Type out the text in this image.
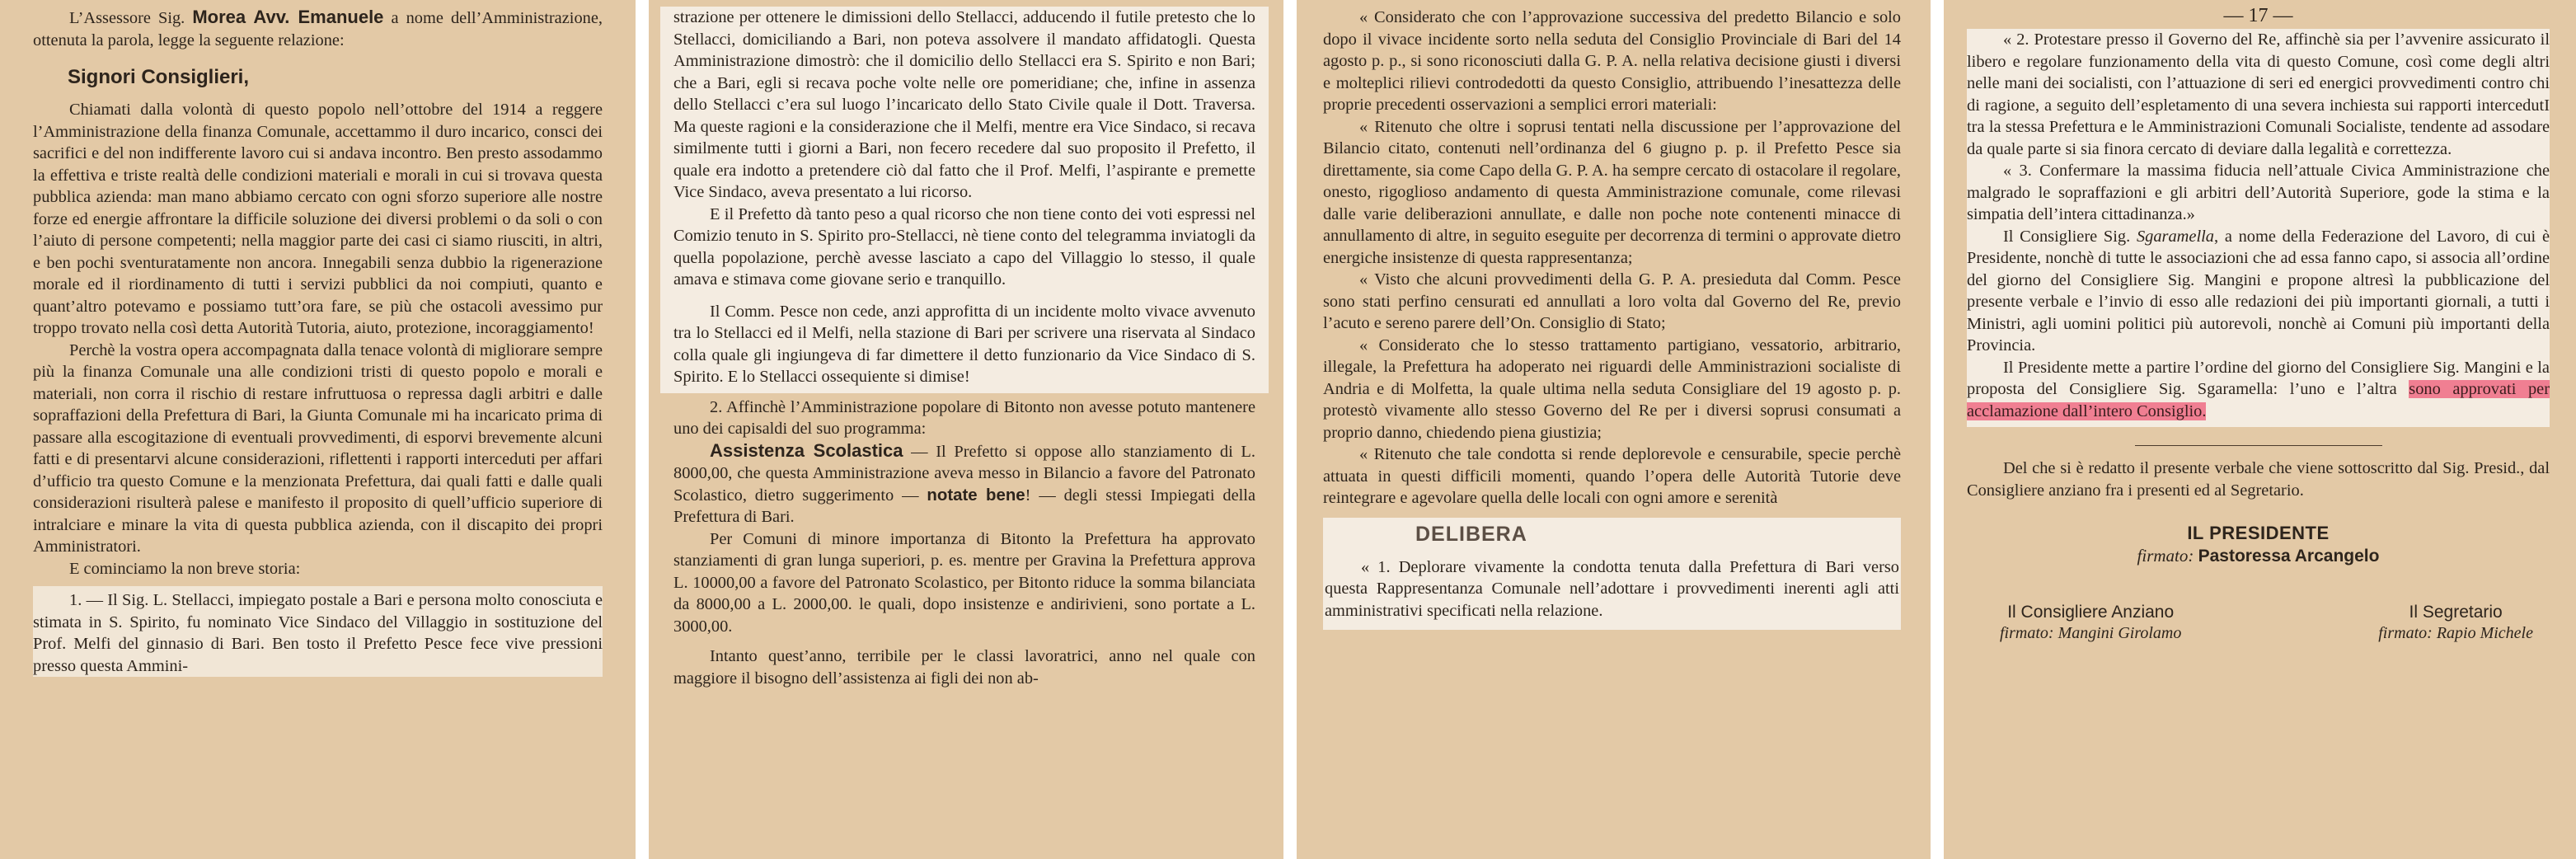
L’Assessore Sig. Morea Avv. Emanuele a nome dell’Amministrazione, ottenuta la parola, legge la seguente relazione:

Signori Consiglieri,

Chiamati dalla volontà di questo popolo nell’ottobre del 1914 a reggere l’Amministrazione della finanza Comunale, accettammo il duro incarico, consci dei sacrifici e del non indifferente lavoro cui si andava incontro. Ben presto assodammo la effettiva e triste realtà delle condizioni materiali e morali in cui si trovava questa pubblica azienda: man mano abbiamo cercato con ogni sforzo superiore alle nostre forze ed energie affrontare la difficile soluzione dei diversi problemi o da soli o con l’aiuto di persone competenti; nella maggior parte dei casi ci siamo riusciti, in altri, e ben pochi sventuratamente non ancora. Innegabili senza dubbio la rigenerazione morale ed il riordinamento di tutti i servizi pubblici da noi compiuti, quanto e quant’altro potevamo e possiamo tutt’ora fare, se più che ostacoli avessimo pur troppo trovato nella così detta Autorità Tutoria, aiuto, protezione, incoraggiamento!

Perchè la vostra opera accompagnata dalla tenace volontà di migliorare sempre più la finanza Comunale una alle condizioni tristi di questo popolo e morali e materiali, non corra il rischio di restare infruttuosa o repressa dagli arbitri e dalle sopraffazioni della Prefettura di Bari, la Giunta Comunale mi ha incaricato prima di passare alla escogitazione di eventuali provvedimenti, di esporvi brevemente alcuni fatti e di presentarvi alcune considerazioni, riflettenti i rapporti interceduti per affari d’ufficio tra questo Comune e la menzionata Prefettura, dai quali fatti e dalle quali considerazioni risulterà palese e manifesto il proposito di quell’ufficio superiore di intralciare e minare la vita di questa pubblica azienda, con il discapito dei propri Amministratori.

E cominciamo la non breve storia:

1. — Il Sig. L. Stellacci, impiegato postale a Bari e persona molto conosciuta e stimata in S. Spirito, fu nominato Vice Sindaco del Villaggio in sostituzione del Prof. Melfi del ginnasio di Bari. Ben tosto il Prefetto Pesce fece vive pressioni presso questa Ammini-

strazione per ottenere le dimissioni dello Stellacci, adducendo il futile pretesto che lo Stellacci, domiciliando a Bari, non poteva assolvere il mandato affidatogli. Questa Amministrazione dimostrò: che il domicilio dello Stellacci era S. Spirito e non Bari; che a Bari, egli si recava poche volte nelle ore pomeridiane; che, infine in assenza dello Stellacci c’era sul luogo l’incaricato dello Stato Civile quale il Dott. Traversa. Ma queste ragioni e la considerazione che il Melfi, mentre era Vice Sindaco, si recava similmente tutti i giorni a Bari, non fecero recedere dal suo proposito il Prefetto, il quale era indotto a pretendere ciò dal fatto che il Prof. Melfi, l’aspirante e premette Vice Sindaco, aveva presentato a lui ricorso.

E il Prefetto dà tanto peso a qual ricorso che non tiene conto dei voti espressi nel Comizio tenuto in S. Spirito pro-Stellacci, nè tiene conto del telegramma inviatogli da quella popolazione, perchè avesse lasciato a capo del Villaggio lo stesso, il quale amava e stimava come giovane serio e tranquillo.

Il Comm. Pesce non cede, anzi approfitta di un incidente molto vivace avvenuto tra lo Stellacci ed il Melfi, nella stazione di Bari per scrivere una riservata al Sindaco colla quale gli ingiungeva di far dimettere il detto funzionario da Vice Sindaco di S. Spirito. E lo Stellacci ossequiente si dimise!

2. Affinchè l’Amministrazione popolare di Bitonto non avesse potuto mantenere uno dei capisaldi del suo programma:

Assistenza Scolastica — Il Prefetto si oppose allo stanziamento di L. 8000,00, che questa Amministrazione aveva messo in Bilancio a favore del Patronato Scolastico, dietro suggerimento — notate bene! — degli stessi Impiegati della Prefettura di Bari.

Per Comuni di minore importanza di Bitonto la Prefettura ha approvato stanziamenti di gran lunga superiori, p. es. mentre per Gravina la Prefettura approva L. 10000,00 a favore del Patronato Scolastico, per Bitonto riduce la somma bilanciata da 8000,00 a L. 2000,00. le quali, dopo insistenze e andirivieni, sono portate a L. 3000,00.

Intanto quest’anno, terribile per le classi lavoratrici, anno nel quale con maggiore il bisogno dell’assistenza ai figli dei non ab-

« Considerato che con l’approvazione successiva del predetto Bilancio e solo dopo il vivace incidente sorto nella seduta del Consiglio Provinciale di Bari del 14 agosto p. p., si sono riconosciuti dalla G. P. A. nella relativa decisione giusti i diversi e molteplici rilievi controdedotti da questo Consiglio, attribuendo l’inesattezza delle proprie precedenti osservazioni a semplici errori materiali:

« Ritenuto che oltre i soprusi tentati nella discussione per l’approvazione del Bilancio citato, contenuti nell’ordinanza del 6 giugno p. p. il Prefetto Pesce sia direttamente, sia come Capo della G. P. A. ha sempre cercato di ostacolare il regolare, onesto, rigoglioso andamento di questa Amministrazione comunale, come rilevasi dalle varie deliberazioni annullate, e dalle non poche note contenenti minacce di annullamento di altre, in seguito eseguite per decorrenza di termini o approvate dietro energiche insistenze di questa rappresentanza;

« Visto che alcuni provvedimenti della G. P. A. presieduta dal Comm. Pesce sono stati perfino censurati ed annullati a loro volta dal Governo del Re, previo l’acuto e sereno parere dell’On. Consiglio di Stato;

« Considerato che lo stesso trattamento partigiano, vessatorio, arbitrario, illegale, la Prefettura ha adoperato nei riguardi delle Amministrazioni socialiste di Andria e di Molfetta, la quale ultima nella seduta Consigliare del 19 agosto p. p. protestò vivamente allo stesso Governo del Re per i diversi soprusi consumati a proprio danno, chiedendo piena giustizia;

« Ritenuto che tale condotta si rende deplorevole e censurabile, specie perchè attuata in questi difficili momenti, quando l’opera delle Autorità Tutorie deve reintegrare e agevolare quella delle locali con ogni amore e serenità

DELIBERA

« 1. Deplorare vivamente la condotta tenuta dalla Prefettura di Bari verso questa Rappresentanza Comunale nell’adottare i provvedimenti inerenti agli atti amministrativi specificati nella relazione.

— 17 —

« 2. Protestare presso il Governo del Re, affinchè sia per l’avvenire assicurato il libero e regolare funzionamento della vita di questo Comune, così come degli altri nelle mani dei socialisti, con l’attuazione di seri ed energici provvedimenti contro chi di ragione, a seguito dell’espletamento di una severa inchiesta sui rapporti intercedutI tra la stessa Prefettura e le Amministrazioni Comunali Socialiste, tendente ad assodare da quale parte si sia finora cercato di deviare dalla legalità e correttezza.

« 3. Confermare la massima fiducia nell’attuale Civica Amministrazione che malgrado le sopraffazioni e gli arbitri dell’Autorità Superiore, gode la stima e la simpatia dell’intera cittadinanza.»

Il Consigliere Sig. Sgaramella, a nome della Federazione del Lavoro, di cui è Presidente, nonchè di tutte le associazioni che ad essa fanno capo, si associa all’ordine del giorno del Consigliere Sig. Mangini e propone altresì la pubblicazione del presente verbale e l’invio di esso alle redazioni dei più importanti giornali, a tutti i Ministri, agli uomini politici più autorevoli, nonchè ai Comuni più importanti della Provincia.

Il Presidente mette a partire l’ordine del giorno del Consigliere Sig. Mangini e la proposta del Consigliere Sig. Sgaramella: l’uno e l’altra sono approvati per acclamazione dall’intero Consiglio.

Del che si è redatto il presente verbale che viene sottoscritto dal Sig. Presid., dal Consigliere anziano fra i presenti ed al Segretario.

IL PRESIDENTE
firmato: Pastoressa Arcangelo
Il Consigliere Anziano
firmato: Mangini Girolamo
Il Segretario
firmato: Rapio Michele
